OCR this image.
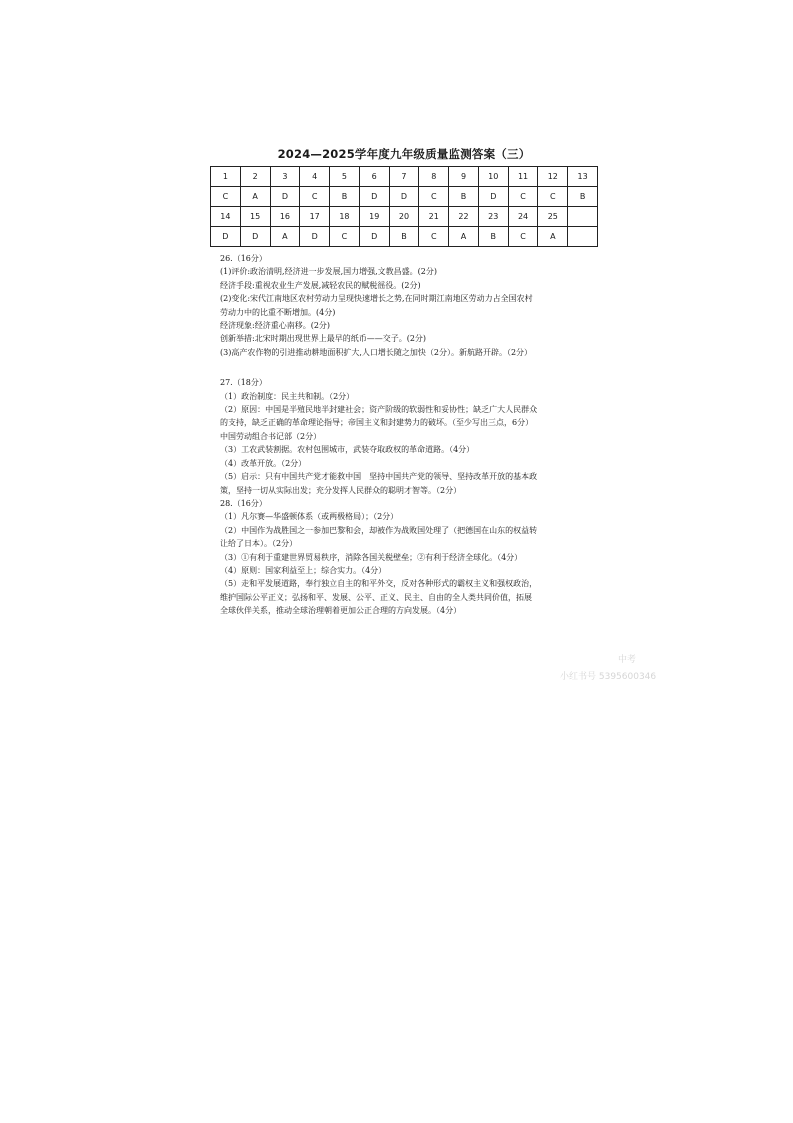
2024—2025学年度九年级质量监测答案（三）
1	2	3	4	5	6	7	8	9	10	11	12	13
C	A	D	C	B	D	D	C	B	D	C	C	B
14	15	16	17	18	19	20	21	22	23	24	25	
D	D	A	D	C	D	B	C	A	B	C	A	

26.（16分）

(1)评价:政治清明,经济进一步发展,国力增强,文教昌盛。(2分)

经济手段:重视农业生产发展,减轻农民的赋税徭役。(2分)

(2)变化:宋代江南地区农村劳动力呈现快速增长之势,在同时期江南地区劳动力占全国农村

劳动力中的比重不断增加。(4分)

经济现象:经济重心南移。(2分)

创新举措:北宋时期出现世界上最早的纸币——交子。(2分)

(3)高产农作物的引进推动耕地面积扩大,人口增长随之加快（2分）。新航路开辟。（2分）

27.（18分）

（1）政治制度：民主共和制。（2分）

（2）原因：中国是半殖民地半封建社会；资产阶级的软弱性和妥协性；缺乏广大人民群众

的支持，缺乏正确的革命理论指导；帝国主义和封建势力的破坏。（至少写出三点，6分）

中国劳动组合书记部（2分）

（3）工农武装割据。农村包围城市，武装夺取政权的革命道路。（4分）

（4）改革开放。（2分）

（5）启示：只有中国共产党才能救中国　坚持中国共产党的领导、坚持改革开放的基本政

策，坚持一切从实际出发；充分发挥人民群众的聪明才智等。（2分）

28.（16分）

（1）凡尔赛—华盛顿体系（或两极格局）；（2分）

（2）中国作为战胜国之一参加巴黎和会，却被作为战败国处理了（把德国在山东的权益转

让给了日本）。（2分）

（3）①有利于重建世界贸易秩序，消除各国关税壁垒；②有利于经济全球化。（4分）

（4）原则：国家利益至上；综合实力。（4分）

（5）走和平发展道路，奉行独立自主的和平外交，反对各种形式的霸权主义和强权政治，

维护国际公平正义；弘扬和平、发展、公平、正义、民主、自由的全人类共同价值，拓展

全球伙伴关系，推动全球治理朝着更加公正合理的方向发展。（4分）

中考
小红书号 5395600346
